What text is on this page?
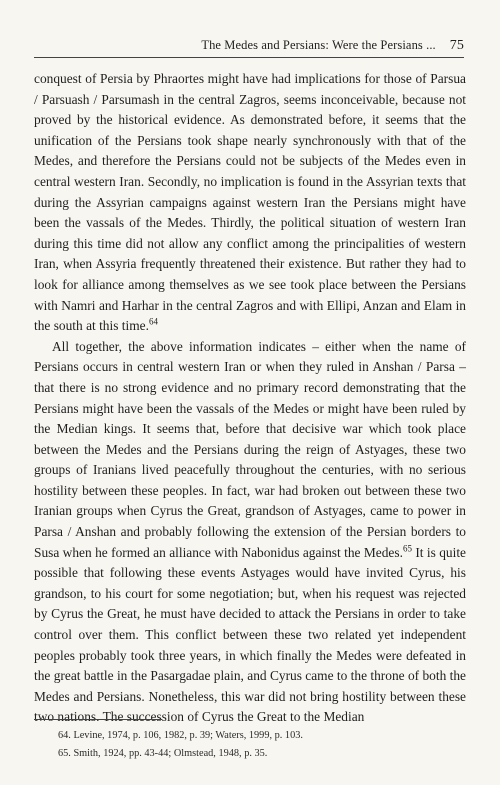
The Medes and Persians: Were the Persians ... 75

conquest of Persia by Phraortes might have had implications for those of Parsua / Parsuash / Parsumash in the central Zagros, seems inconceivable, because not proved by the historical evidence. As demonstrated before, it seems that the unification of the Persians took shape nearly synchronously with that of the Medes, and therefore the Persians could not be subjects of the Medes even in central western Iran. Secondly, no implication is found in the Assyrian texts that during the Assyrian campaigns against western Iran the Persians might have been the vassals of the Medes. Thirdly, the political situation of western Iran during this time did not allow any conflict among the principalities of western Iran, when Assyria frequently threatened their existence. But rather they had to look for alliance among themselves as we see took place between the Persians with Namri and Harhar in the central Zagros and with Ellipi, Anzan and Elam in the south at this time.$^{64}$

All together, the above information indicates – either when the name of Persians occurs in central western Iran or when they ruled in Anshan / Parsa – that there is no strong evidence and no primary record demonstrating that the Persians might have been the vassals of the Medes or might have been ruled by the Median kings. It seems that, before that decisive war which took place between the Medes and the Persians during the reign of Astyages, these two groups of Iranians lived peacefully throughout the centuries, with no serious hostility between these peoples. In fact, war had broken out between these two Iranian groups when Cyrus the Great, grandson of Astyages, came to power in Parsa / Anshan and probably following the extension of the Persian borders to Susa when he formed an alliance with Nabonidus against the Medes.$^{65}$ It is quite possible that following these events Astyages would have invited Cyrus, his grandson, to his court for some negotiation; but, when his request was rejected by Cyrus the Great, he must have decided to attack the Persians in order to take control over them. This conflict between these two related yet independent peoples probably took three years, in which finally the Medes were defeated in the great battle in the Pasargadae plain, and Cyrus came to the throne of both the Medes and Persians. Nonetheless, this war did not bring hostility between these two nations. The succession of Cyrus the Great to the Median

64. Levine, 1974, p. 106, 1982, p. 39; Waters, 1999, p. 103.
65. Smith, 1924, pp. 43-44; Olmstead, 1948, p. 35.
